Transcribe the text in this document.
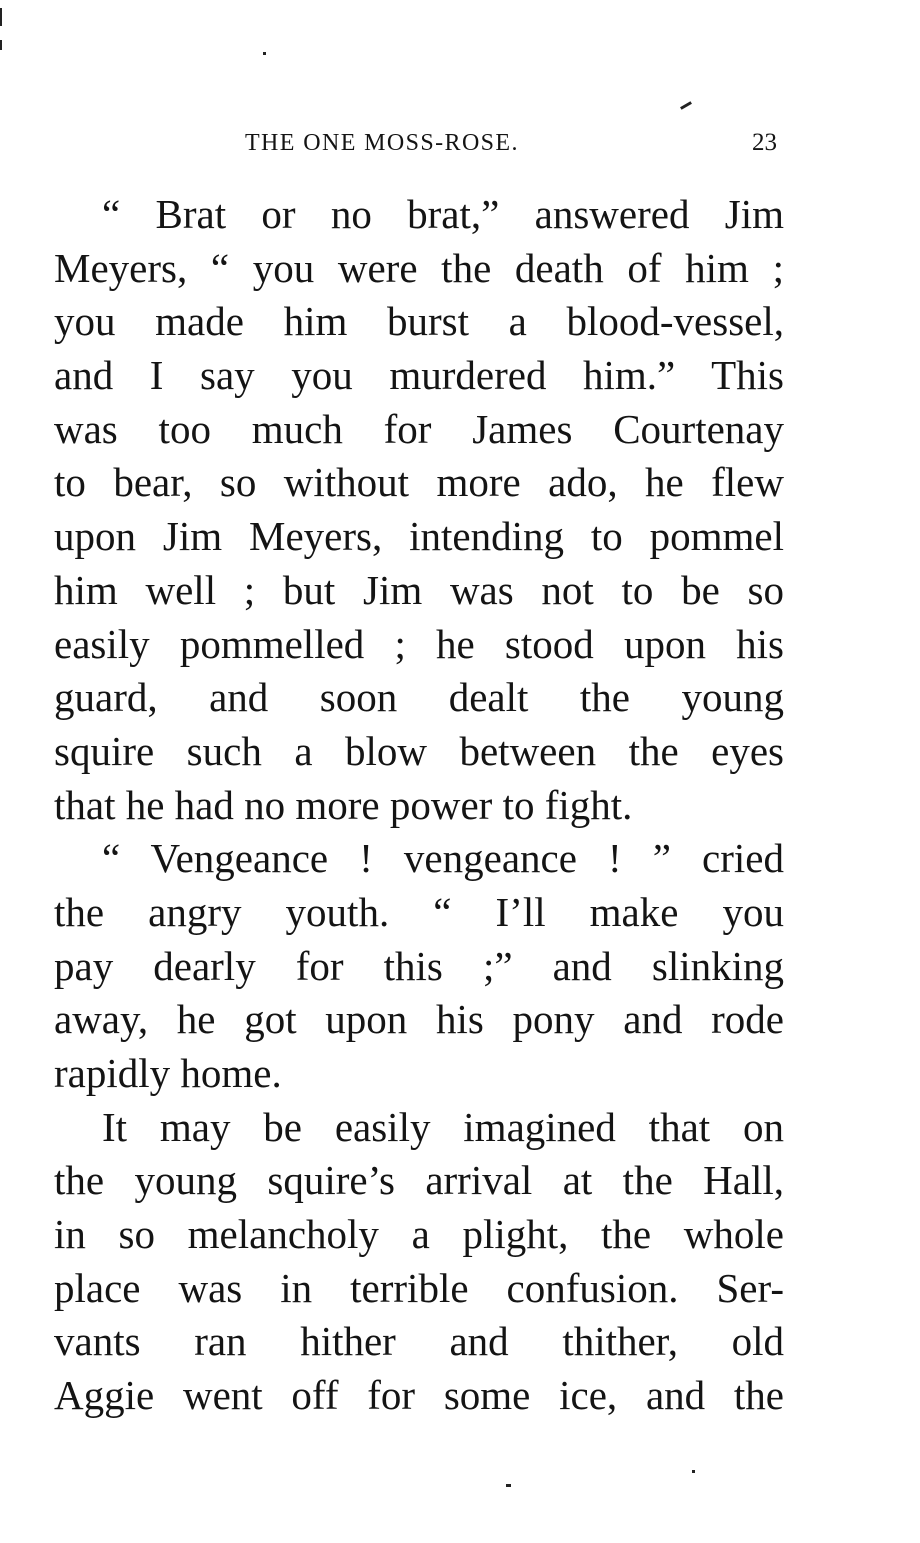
THE ONE MOSS-ROSE.	23
“ Brat or no brat,” answered Jim
Meyers, “ you were the death of him ;
you made him burst a blood-vessel,
and I say you murdered him.” This
was too much for James Courtenay
to bear, so without more ado, he flew
upon Jim Meyers, intending to pommel
him well ; but Jim was not to be so
easily pommelled ; he stood upon his
guard, and soon dealt the young
squire such a blow between the eyes
that he had no more power to fight.
“ Vengeance ! vengeance ! ” cried
the angry youth. “ I’ll make you
pay dearly for this ;” and slinking
away, he got upon his pony and rode
rapidly home.
It may be easily imagined that on
the young squire’s arrival at the Hall,
in so melancholy a plight, the whole
place was in terrible confusion. Ser-
vants ran hither and thither, old
Aggie went off for some ice, and the
